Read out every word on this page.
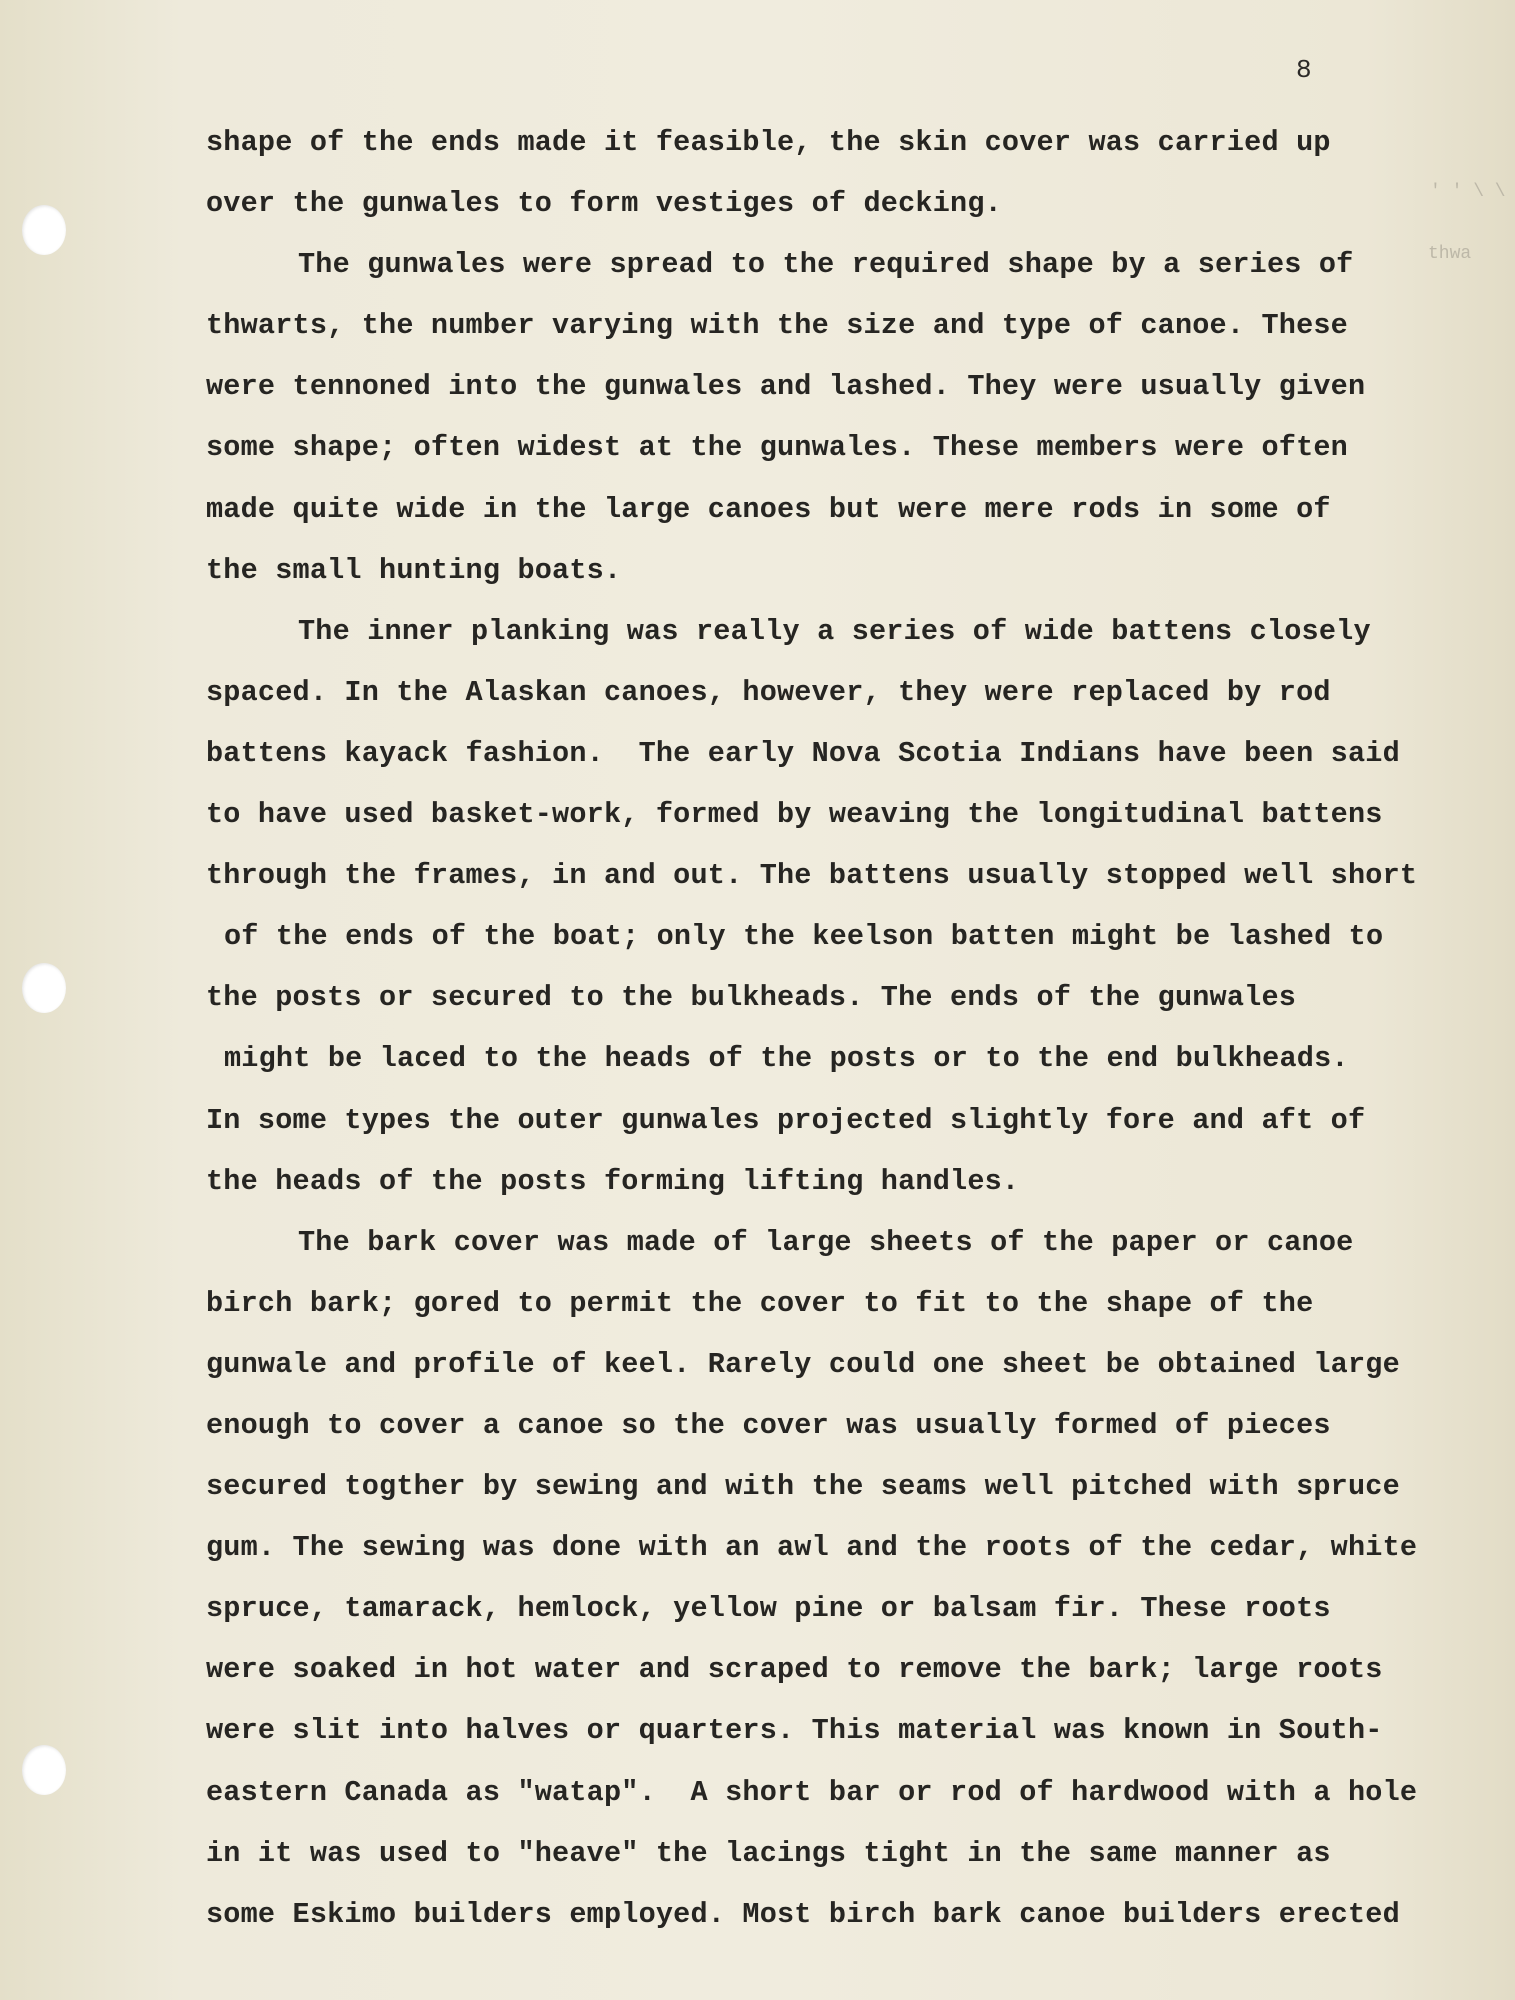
8
' ' \ \
thwa
shape of the ends made it feasible, the skin cover was carried up
over the gunwales to form vestiges of decking.
The gunwales were spread to the required shape by a series of
thwarts, the number varying with the size and type of canoe. These
were tennoned into the gunwales and lashed. They were usually given
some shape; often widest at the gunwales. These members were often
made quite wide in the large canoes but were mere rods in some of
the small hunting boats.
The inner planking was really a series of wide battens closely
spaced. In the Alaskan canoes, however, they were replaced by rod
battens kayack fashion.  The early Nova Scotia Indians have been said
to have used basket-work, formed by weaving the longitudinal battens
through the frames, in and out. The battens usually stopped well short
of the ends of the boat; only the keelson batten might be lashed to
the posts or secured to the bulkheads. The ends of the gunwales
might be laced to the heads of the posts or to the end bulkheads.
In some types the outer gunwales projected slightly fore and aft of
the heads of the posts forming lifting handles.
The bark cover was made of large sheets of the paper or canoe
birch bark; gored to permit the cover to fit to the shape of the
gunwale and profile of keel. Rarely could one sheet be obtained large
enough to cover a canoe so the cover was usually formed of pieces
secured togther by sewing and with the seams well pitched with spruce
gum. The sewing was done with an awl and the roots of the cedar, white
spruce, tamarack, hemlock, yellow pine or balsam fir. These roots
were soaked in hot water and scraped to remove the bark; large roots
were slit into halves or quarters. This material was known in South-
eastern Canada as "watap".  A short bar or rod of hardwood with a hole
in it was used to "heave" the lacings tight in the same manner as
some Eskimo builders employed. Most birch bark canoe builders erected
